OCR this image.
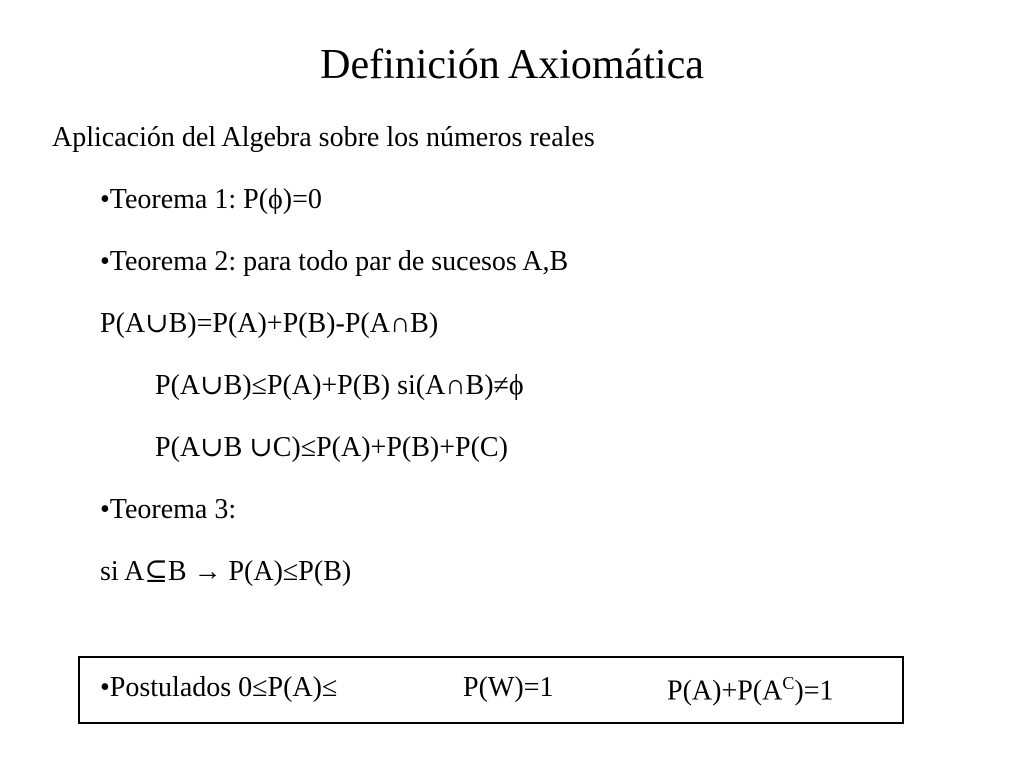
Definición Axiomática
Aplicación del Algebra sobre los números reales
•Teorema 1: P(ϕ)=0
•Teorema 2: para todo par de sucesos A,B
P(A∪B)=P(A)+P(B)-P(A∩B)
P(A∪B)≤P(A)+P(B) si(A∩B)≠ϕ
P(A∪B ∪C)≤P(A)+P(B)+P(C)
•Teorema 3:
si A⊆B → P(A)≤P(B)
•Postulados 0≤P(A)≤	P(W)=1	$P(A)+P(A^C)=1$
